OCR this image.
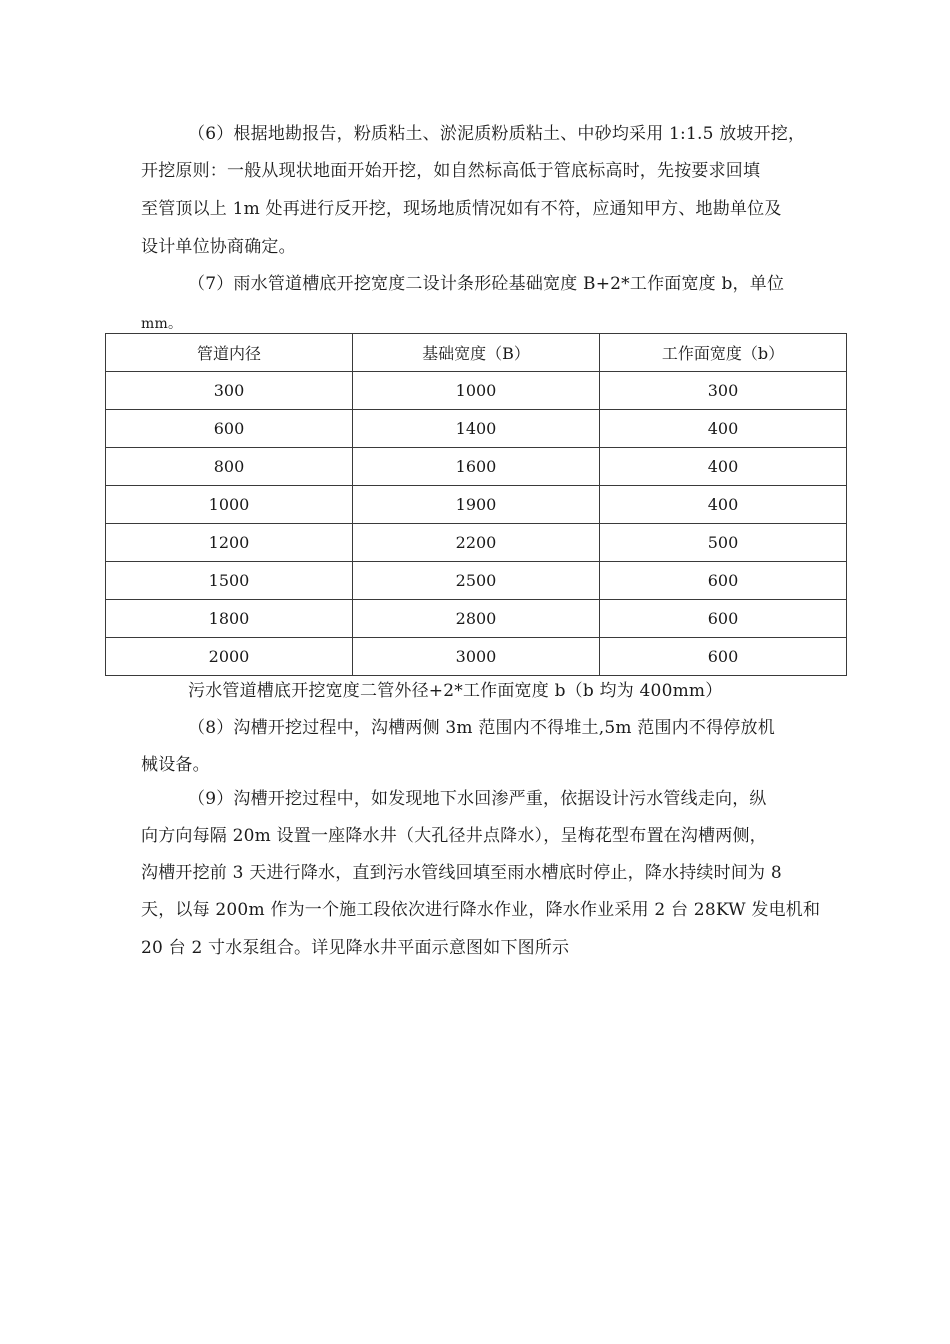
（6）根据地勘报告，粉质粘土、淤泥质粉质粘土、中砂均采用 1:1.5 放坡开挖，
开挖原则：一般从现状地面开始开挖，如自然标高低于管底标高时，先按要求回填
至管顶以上 1m 处再进行反开挖，现场地质情况如有不符，应通知甲方、地勘单位及
设计单位协商确定。
（7）雨水管道槽底开挖宽度二设计条形砼基础宽度 B+2*工作面宽度 b，单位
mm。
管道内径	基础宽度（B）	工作面宽度（b）
300	1000	300
600	1400	400
800	1600	400
1000	1900	400
1200	2200	500
1500	2500	600
1800	2800	600
2000	3000	600
污水管道槽底开挖宽度二管外径+2*工作面宽度 b（b 均为 400mm）
（8）沟槽开挖过程中，沟槽两侧 3m 范围内不得堆土,5m 范围内不得停放机
械设备。
（9）沟槽开挖过程中，如发现地下水回渗严重，依据设计污水管线走向，纵
向方向每隔 20m 设置一座降水井（大孔径井点降水），呈梅花型布置在沟槽两侧，
沟槽开挖前 3 天进行降水，直到污水管线回填至雨水槽底时停止，降水持续时间为 8
天，以每 200m 作为一个施工段依次进行降水作业，降水作业采用 2 台 28KW 发电机和
20 台 2 寸水泵组合。详见降水井平面示意图如下图所示
